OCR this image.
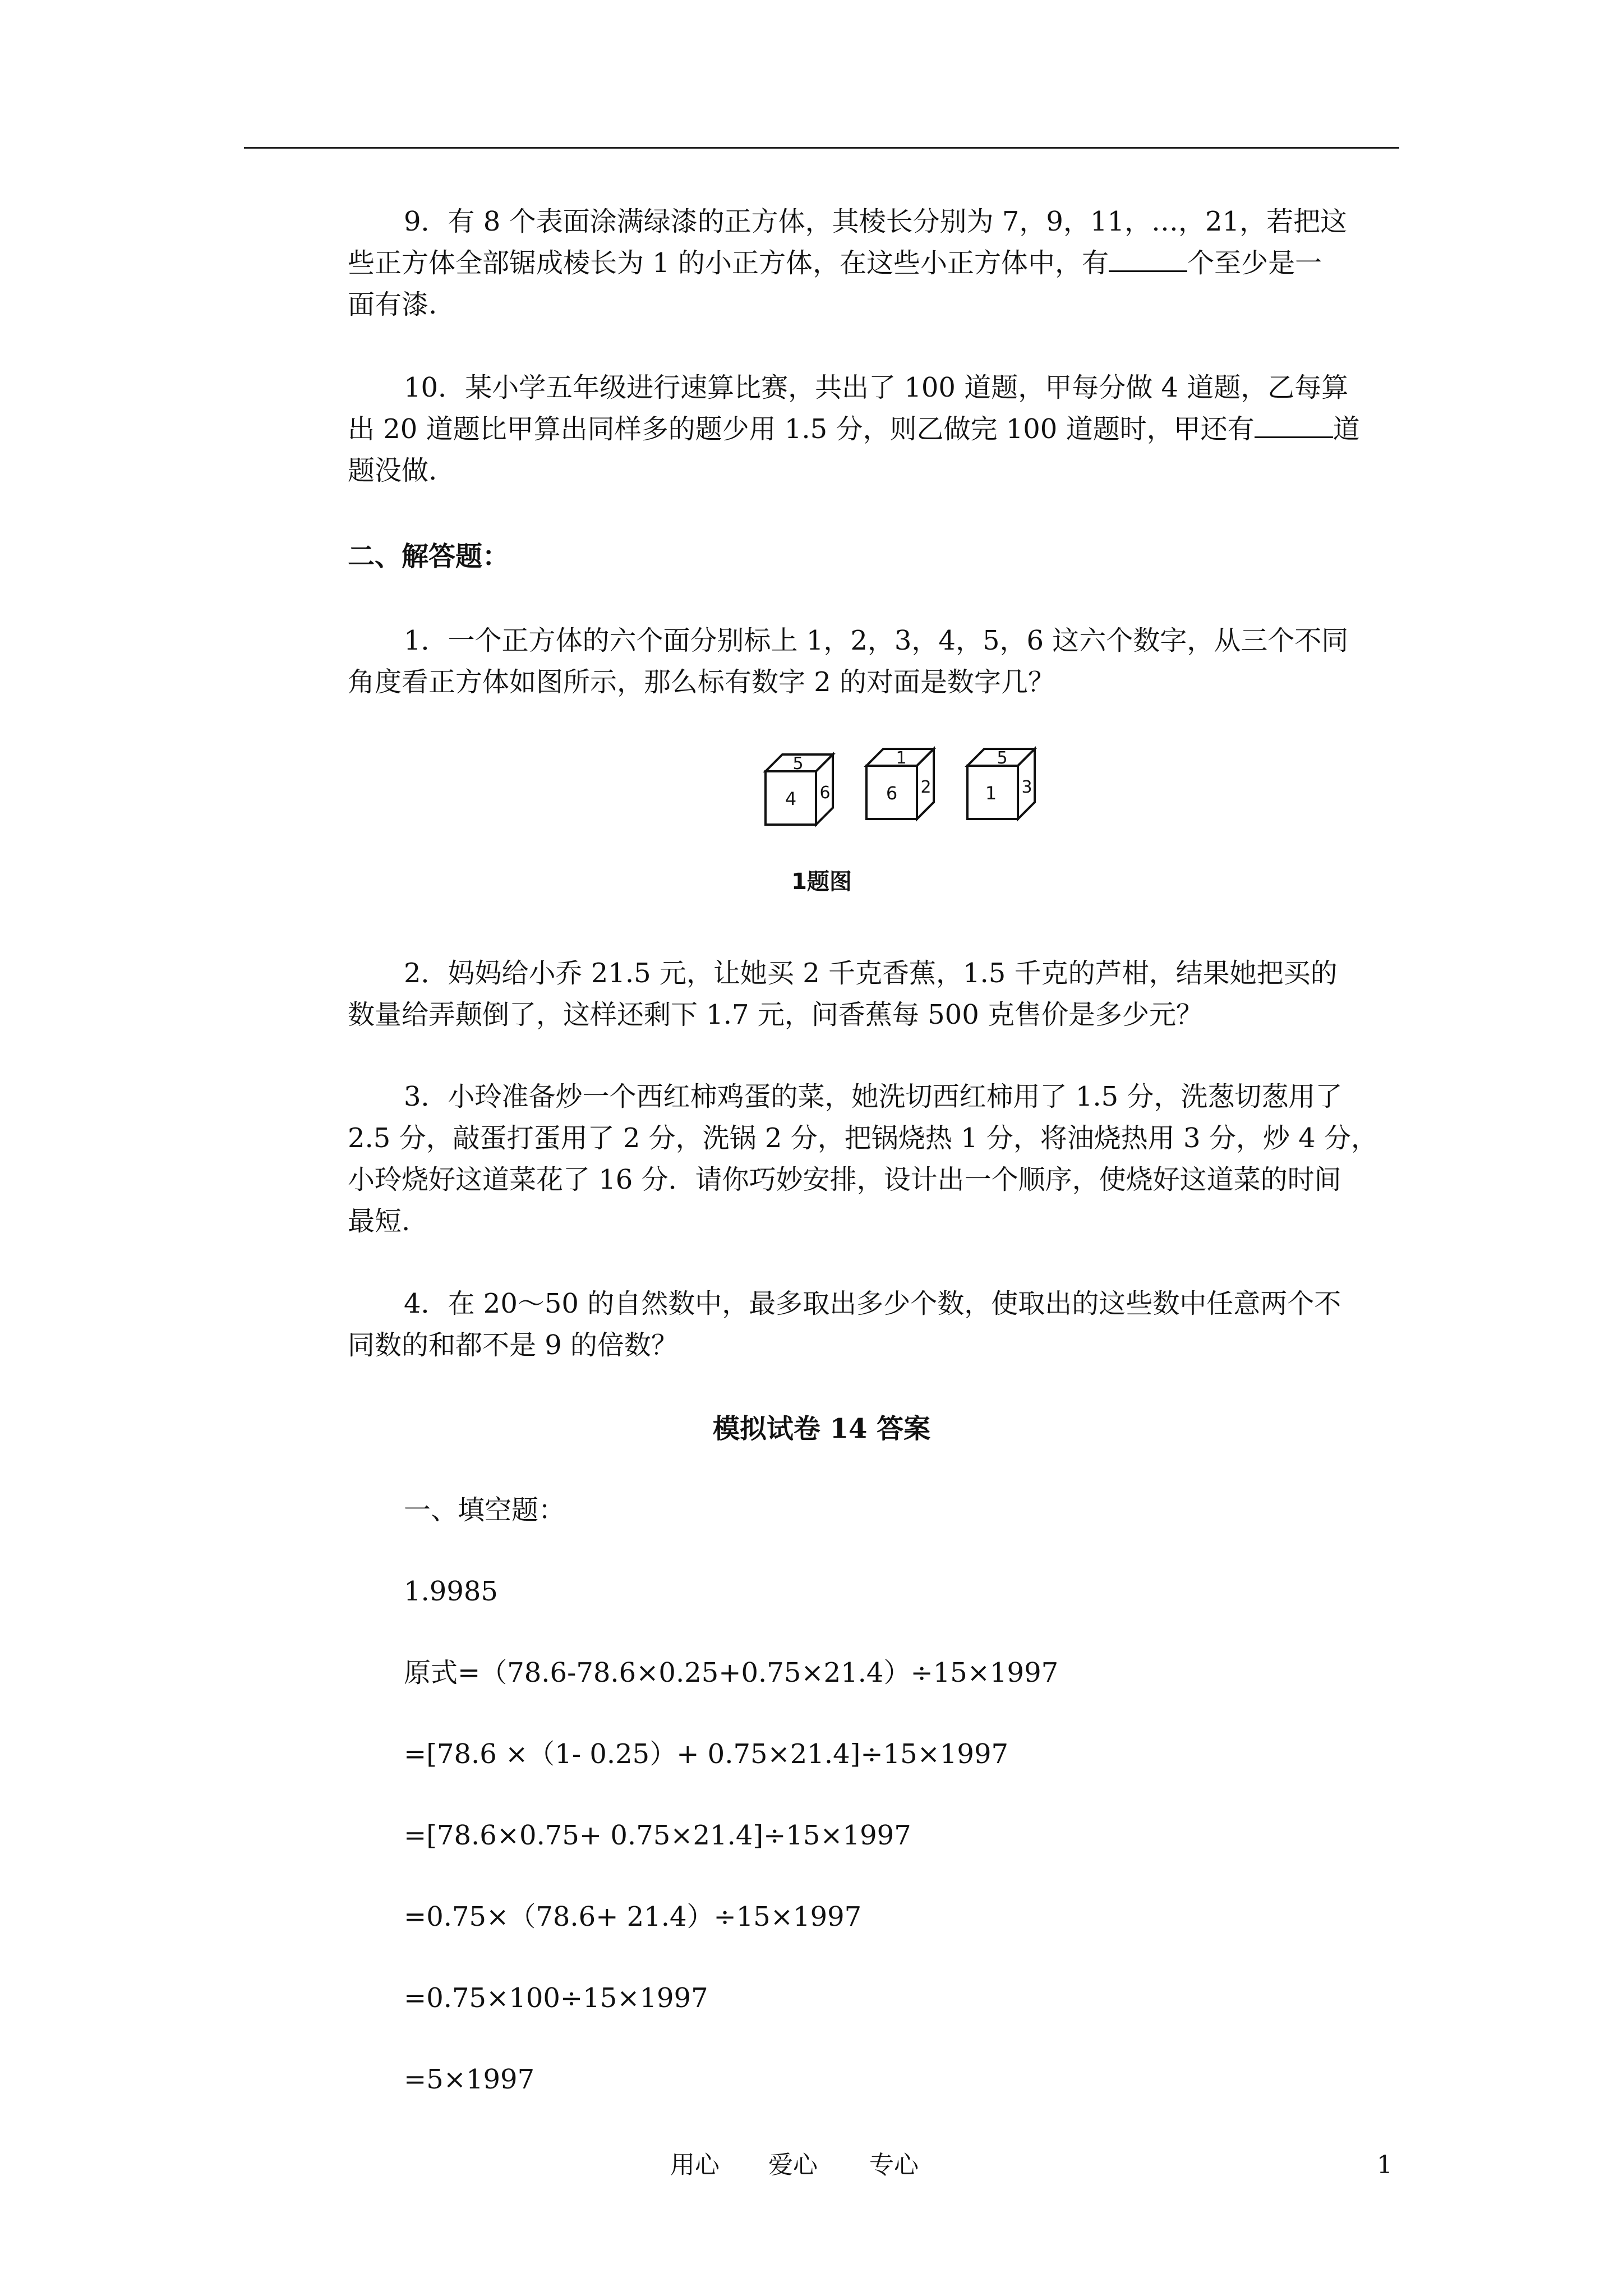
9．有 8 个表面涂满绿漆的正方体，其棱长分别为 7，9，11，…，21，若把这
些正方体全部锯成棱长为 1 的小正方体，在这些小正方体中，有	个至少是一
面有漆.
10．某小学五年级进行速算比赛，共出了 100 道题，甲每分做 4 道题，乙每算
出 20 道题比甲算出同样多的题少用 1.5 分，则乙做完 100 道题时，甲还有	道
题没做.
二、解答题：
1．一个正方体的六个面分别标上 1，2，3，4，5，6 这六个数字，从三个不同
角度看正方体如图所示，那么标有数字 2 的对面是数字几？
5
4 6
1
6 2
5
1 3
1题图
2．妈妈给小乔 21.5 元，让她买 2 千克香蕉，1.5 千克的芦柑，结果她把买的
数量给弄颠倒了，这样还剩下 1.7 元，问香蕉每 500 克售价是多少元？
3．小玲准备炒一个西红柿鸡蛋的菜，她洗切西红柿用了 1.5 分，洗葱切葱用了
2.5 分，敲蛋打蛋用了 2 分，洗锅 2 分，把锅烧热 1 分，将油烧热用 3 分，炒 4 分，
小玲烧好这道菜花了 16 分．请你巧妙安排，设计出一个顺序，使烧好这道菜的时间
最短.
4．在 20～50 的自然数中，最多取出多少个数，使取出的这些数中任意两个不
同数的和都不是 9 的倍数？
模拟试卷 14 答案
一、填空题：
1.9985
原式=（78.6-78.6×0.25+0.75×21.4）÷15×1997
=[78.6 ×（1- 0.25）+ 0.75×21.4]÷15×1997
=[78.6×0.75+ 0.75×21.4]÷15×1997
=0.75×（78.6+ 21.4）÷15×1997
=0.75×100÷15×1997
=5×1997
用心 爱心 专心	1
